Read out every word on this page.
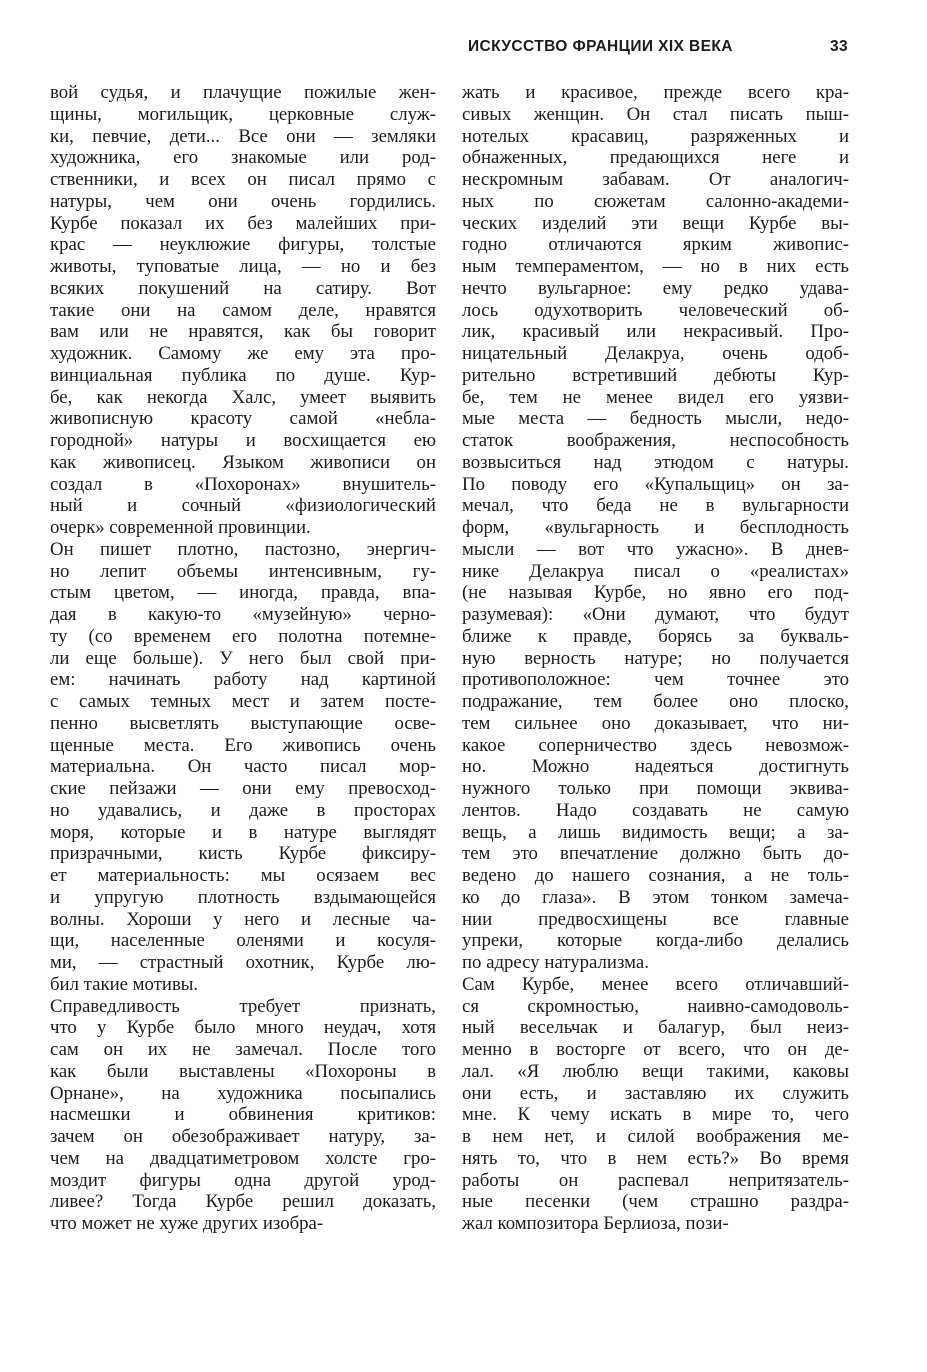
ИСКУССТВО ФРАНЦИИ XIX ВЕКА	33
вой судья, и плачущие пожилые жен-
щины, могильщик, церковные служ-
ки, певчие, дети... Все они — земляки
художника, его знакомые или род-
ственники, и всех он писал прямо с
натуры, чем они очень гордились.
Курбе показал их без малейших при-
крас — неуклюжие фигуры, толстые
животы, туповатые лица, — но и без
всяких покушений на сатиру. Вот
такие они на самом деле, нравятся
вам или не нравятся, как бы говорит
художник. Самому же ему эта про-
винциальная публика по душе. Кур-
бе, как некогда Халс, умеет выявить
живописную красоту самой «неблa-
городной» натуры и восхищается ею
как живописец. Языком живописи он
создал в «Похоронах» внушитель-
ный и сочный «физиологический
очерк» современной провинции.
Он пишет плотно, пастозно, энергич-
но лепит объемы интенсивным, гу-
стым цветом, — иногда, правда, впа-
дая в какую-то «музейную» черно-
ту (со временем его полотна потемне-
ли еще больше). У него был свой при-
ем: начинать работу над картиной
с самых темных мест и затем посте-
пенно высветлять выступающие осве-
щенные места. Его живопись очень
материальна. Он часто писал мор-
ские пейзажи — они ему превосход-
но удавались, и даже в просторах
моря, которые и в натуре выглядят
призрачными, кисть Курбе фиксиру-
ет материальность: мы осязаем вес
и упругую плотность вздымающейся
волны. Хороши у него и лесные ча-
щи, населенные оленями и косуля-
ми, — страстный охотник, Курбе лю-
бил такие мотивы.
Справедливость требует признать,
что у Курбе было много неудач, хотя
сам он их не замечал. После того
как были выставлены «Похороны в
Орнане», на художника посыпались
насмешки и обвинения критиков:
зачем он обезображивает натуру, за-
чем на двадцатиметровом холсте гро-
моздит фигуры одна другой урод-
ливее? Тогда Курбе решил доказать,
что может не хуже других изобра-
жать и красивое, прежде всего кра-
сивых женщин. Он стал писать пыш-
нотелых красавиц, разряженных и
обнаженных, предающихся неге и
нескромным забавам. От аналогич-
ных по сюжетам салонно-академи-
ческих изделий эти вещи Курбе вы-
годно отличаются ярким живопис-
ным темпераментом, — но в них есть
нечто вульгарное: ему редко удава-
лось одухотворить человеческий об-
лик, красивый или некрасивый. Про-
ницательный Делакруа, очень одоб-
рительно встретивший дебюты Кур-
бе, тем не менее видел его уязви-
мые места — бедность мысли, недо-
статок воображения, неспособность
возвыситься над этюдом с натуры.
По поводу его «Купальщиц» он за-
мечал, что беда не в вульгарности
форм, «вульгарность и бесплодность
мысли — вот что ужасно». В днев-
нике Делакруа писал о «реалистах»
(не называя Курбе, но явно его под-
разумевая): «Они думают, что будут
ближе к правде, борясь за букваль-
ную верность натуре; но получается
противоположное: чем точнее это
подражание, тем более оно плоско,
тем сильнее оно доказывает, что ни-
какое соперничество здесь невозмож-
но. Можно надеяться достигнуть
нужного только при помощи эквива-
лентов. Надо создавать не самую
вещь, а лишь видимость вещи; а за-
тем это впечатление должно быть до-
ведено до нашего сознания, а не толь-
ко до глаза». В этом тонком замеча-
нии предвосхищены все главные
упреки, которые когда-либо делались
по адресу натурализма.
Сам Курбе, менее всего отличавший-
ся скромностью, наивно-самодоволь-
ный весельчак и балагур, был неиз-
менно в восторге от всего, что он де-
лал. «Я люблю вещи такими, каковы
они есть, и заставляю их служить
мне. К чему искать в мире то, чего
в нем нет, и силой воображения ме-
нять то, что в нем есть?» Во время
работы он распевал непритязатель-
ные песенки (чем страшно раздра-
жал композитора Берлиоза, пози-
